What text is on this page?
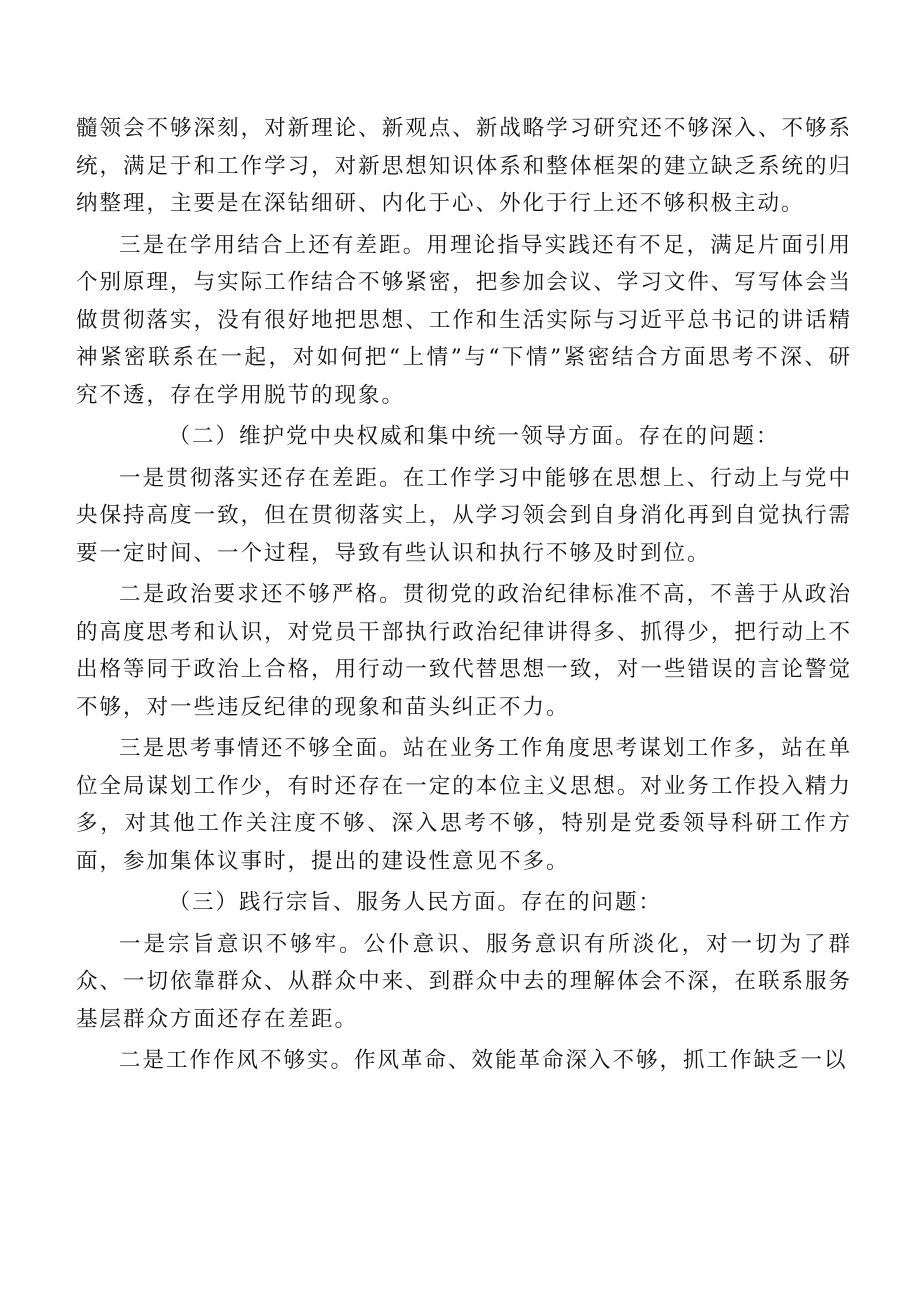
髓领会不够深刻，对新理论、新观点、新战略学习研究还不够深入、不够系统，满足于和工作学习，对新思想知识体系和整体框架的建立缺乏系统的归纳整理，主要是在深钻细研、内化于心、外化于行上还不够积极主动。

三是在学用结合上还有差距。用理论指导实践还有不足，满足片面引用个别原理，与实际工作结合不够紧密，把参加会议、学习文件、写写体会当做贯彻落实，没有很好地把思想、工作和生活实际与习近平总书记的讲话精神紧密联系在一起，对如何把“上情”与“下情”紧密结合方面思考不深、研究不透，存在学用脱节的现象。

（二）维护党中央权威和集中统一领导方面。存在的问题：

一是贯彻落实还存在差距。在工作学习中能够在思想上、行动上与党中央保持高度一致，但在贯彻落实上，从学习领会到自身消化再到自觉执行需要一定时间、一个过程，导致有些认识和执行不够及时到位。

二是政治要求还不够严格。贯彻党的政治纪律标准不高，不善于从政治的高度思考和认识，对党员干部执行政治纪律讲得多、抓得少，把行动上不出格等同于政治上合格，用行动一致代替思想一致，对一些错误的言论警觉不够，对一些违反纪律的现象和苗头纠正不力。

三是思考事情还不够全面。站在业务工作角度思考谋划工作多，站在单位全局谋划工作少，有时还存在一定的本位主义思想。对业务工作投入精力多，对其他工作关注度不够、深入思考不够，特别是党委领导科研工作方面，参加集体议事时，提出的建设性意见不多。

（三）践行宗旨、服务人民方面。存在的问题：

一是宗旨意识不够牢。公仆意识、服务意识有所淡化，对一切为了群众、一切依靠群众、从群众中来、到群众中去的理解体会不深，在联系服务基层群众方面还存在差距。

二是工作作风不够实。作风革命、效能革命深入不够，抓工作缺乏一以
